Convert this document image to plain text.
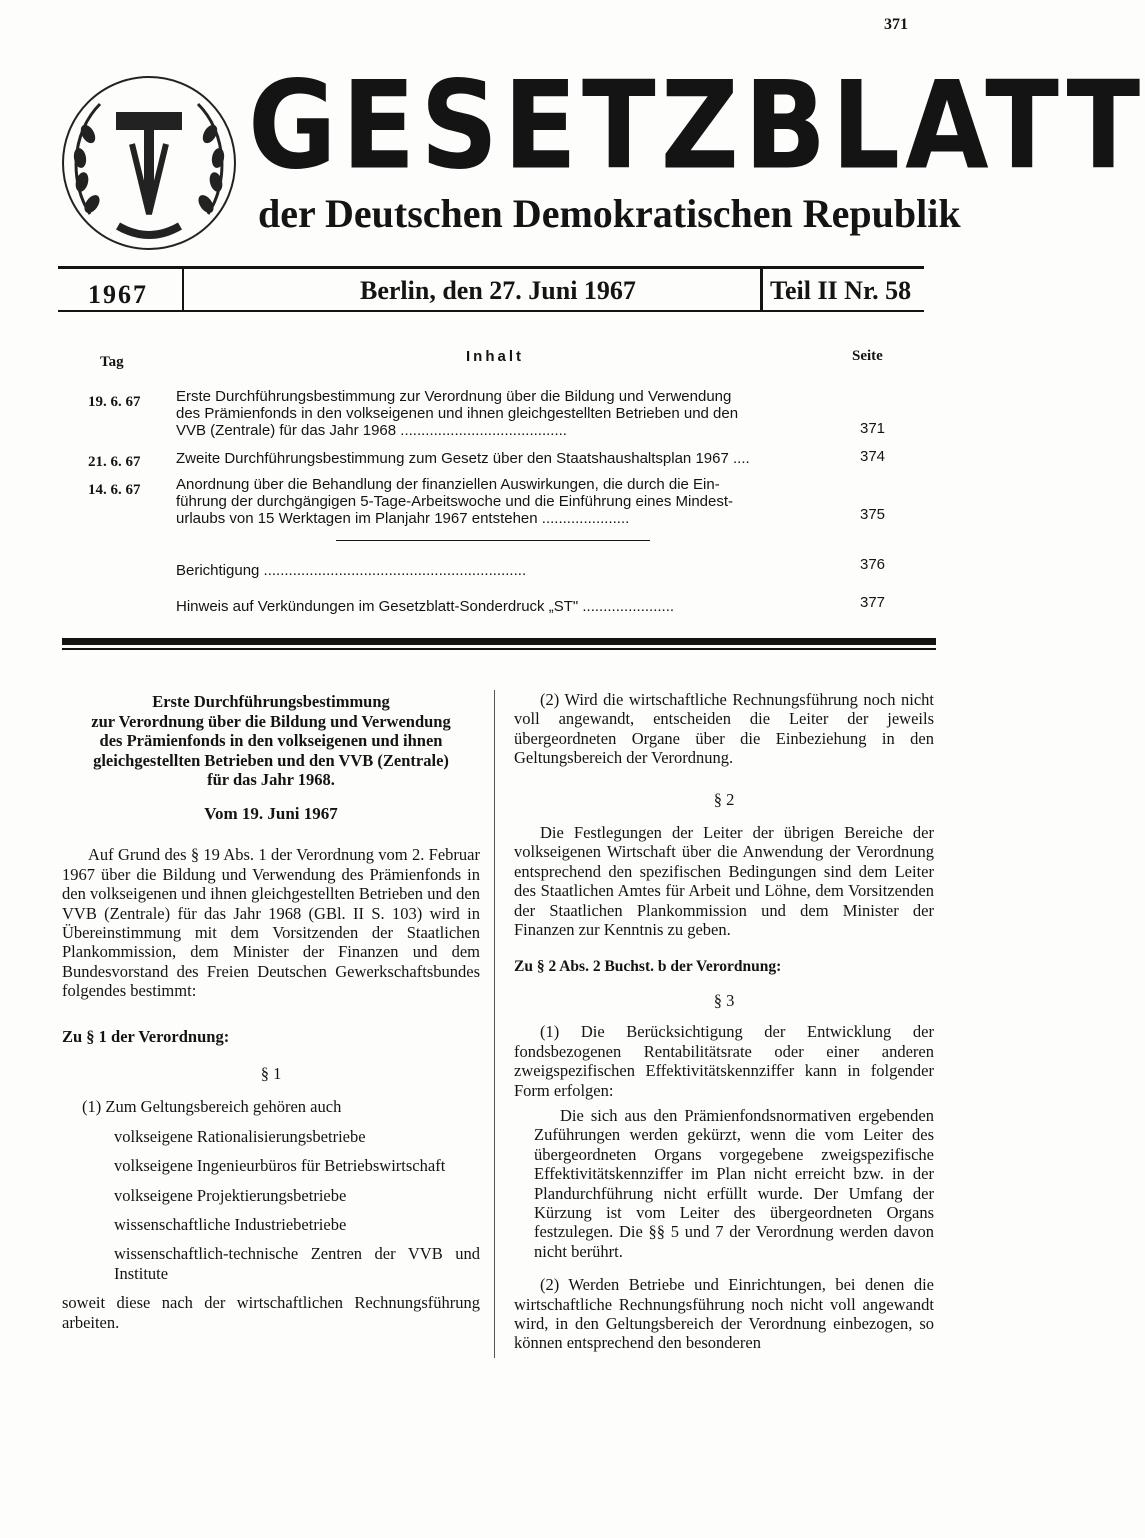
371
GESETZBLATT
der Deutschen Demokratischen Republik
1967	Berlin, den 27. Juni 1967	Teil II Nr. 58
Tag	Inhalt	Seite
19. 6. 67 Erste Durchführungsbestimmung zur Verordnung über die Bildung und Verwendung
des Prämienfonds in den volkseigenen und ihnen gleichgestellten Betrieben und den
VVB (Zentrale) für das Jahr 1968 ........................................	371
21. 6. 67 Zweite Durchführungsbestimmung zum Gesetz über den Staatshaushaltsplan 1967 ....	374
14. 6. 67 Anordnung über die Behandlung der finanziellen Auswirkungen, die durch die Ein-
führung der durchgängigen 5-Tage-Arbeitswoche und die Einführung eines Mindest-
urlaubs von 15 Werktagen im Planjahr 1967 entstehen .....................	375
Berichtigung ...............................................................	376
Hinweis auf Verkündungen im Gesetzblatt-Sonderdruck „ST" ......................	377
Erste Durchführungsbestimmung
zur Verordnung über die Bildung und Verwendung
des Prämienfonds in den volkseigenen und ihnen
gleichgestellten Betrieben und den VVB (Zentrale)
für das Jahr 1968.
Vom 19. Juni 1967
Auf Grund des § 19 Abs. 1 der Verordnung vom 2. Februar 1967 über die Bildung und Verwendung des Prämienfonds in den volkseigenen und ihnen gleichgestellten Betrieben und den VVB (Zentrale) für das Jahr 1968 (GBl. II S. 103) wird in Übereinstimmung mit dem Vorsitzenden der Staatlichen Plankommission, dem Minister der Finanzen und dem Bundesvorstand des Freien Deutschen Gewerkschaftsbundes folgendes bestimmt:
Zu § 1 der Verordnung:
§ 1
(1) Zum Geltungsbereich gehören auch
volkseigene Rationalisierungsbetriebe
volkseigene Ingenieurbüros für Betriebswirtschaft
volkseigene Projektierungsbetriebe
wissenschaftliche Industriebetriebe
wissenschaftlich-technische Zentren der VVB und Institute
soweit diese nach der wirtschaftlichen Rechnungsführung arbeiten.
(2) Wird die wirtschaftliche Rechnungsführung noch nicht voll angewandt, entscheiden die Leiter der jeweils übergeordneten Organe über die Einbeziehung in den Geltungsbereich der Verordnung.
§ 2
Die Festlegungen der Leiter der übrigen Bereiche der volkseigenen Wirtschaft über die Anwendung der Verordnung entsprechend den spezifischen Bedingungen sind dem Leiter des Staatlichen Amtes für Arbeit und Löhne, dem Vorsitzenden der Staatlichen Plankommission und dem Minister der Finanzen zur Kenntnis zu geben.
Zu § 2 Abs. 2 Buchst. b der Verordnung:
§ 3
(1) Die Berücksichtigung der Entwicklung der fondsbezogenen Rentabilitätsrate oder einer anderen zweigspezifischen Effektivitätskennziffer kann in folgender Form erfolgen:
Die sich aus den Prämienfondsnormativen ergebenden Zuführungen werden gekürzt, wenn die vom Leiter des übergeordneten Organs vorgegebene zweigspezifische Effektivitätskennziffer im Plan nicht erreicht bzw. in der Plandurchführung nicht erfüllt wurde. Der Umfang der Kürzung ist vom Leiter des übergeordneten Organs festzulegen. Die §§ 5 und 7 der Verordnung werden davon nicht berührt.
(2) Werden Betriebe und Einrichtungen, bei denen die wirtschaftliche Rechnungsführung noch nicht voll angewandt wird, in den Geltungsbereich der Verordnung einbezogen, so können entsprechend den besonderen
